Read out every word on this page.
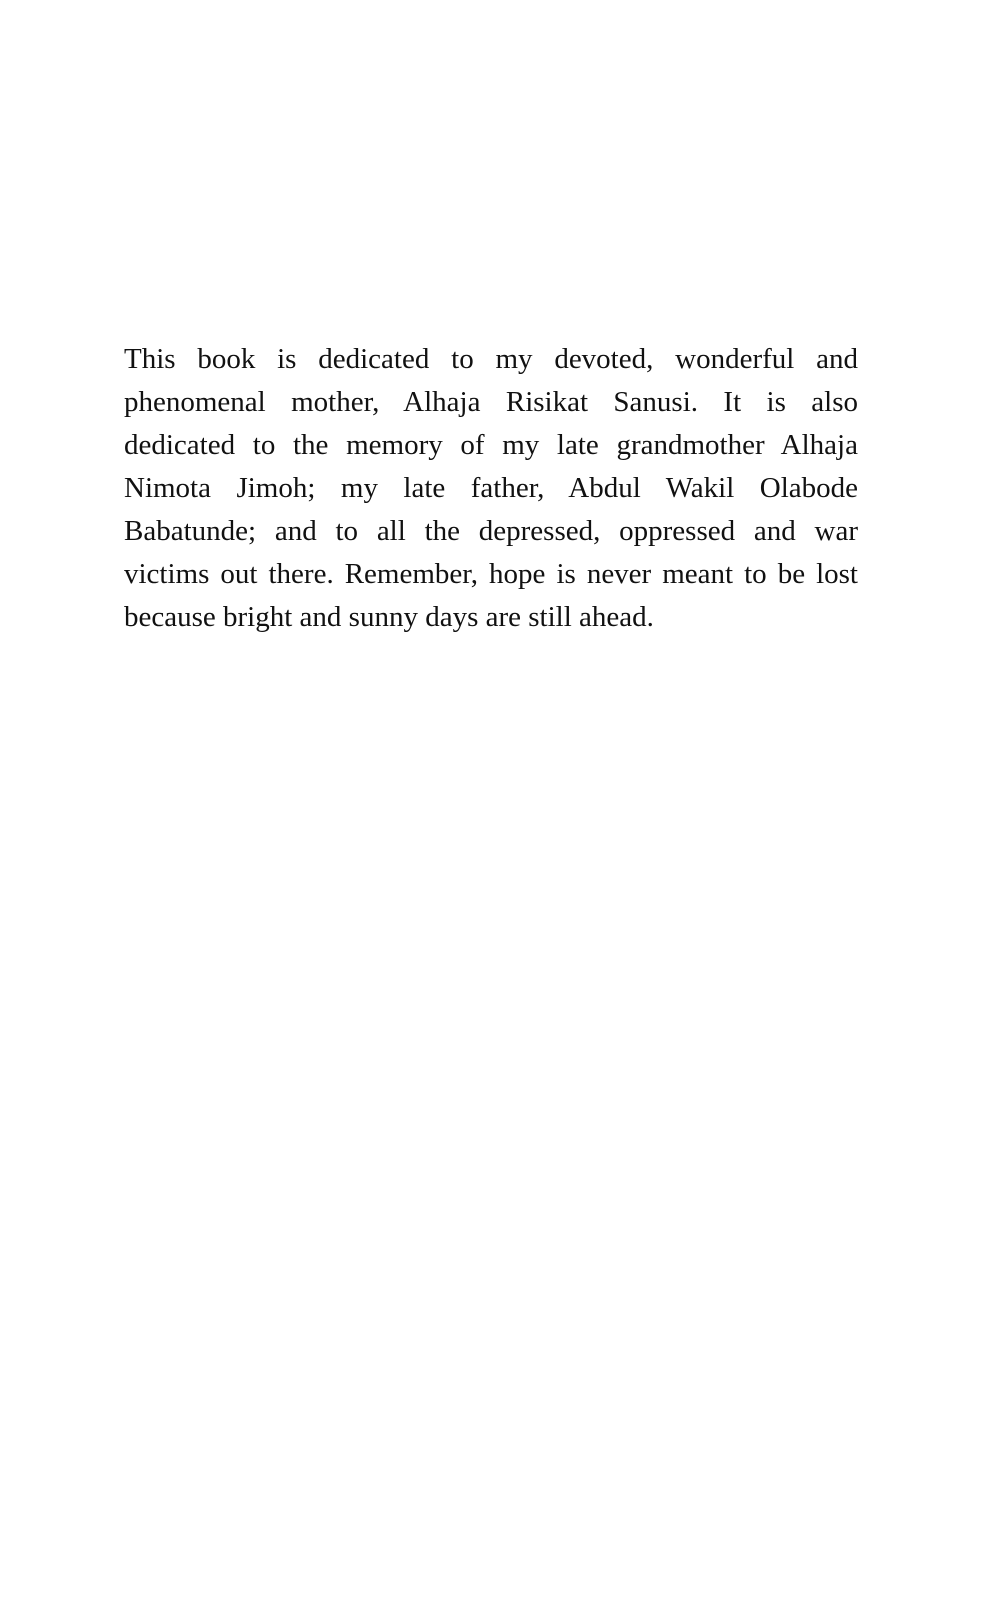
This book is dedicated to my devoted, wonderful and
phenomenal mother, Alhaja Risikat Sanusi. It is also
dedicated to the memory of my late grandmother Alhaja
Nimota Jimoh; my late father, Abdul Wakil Olabode
Babatunde; and to all the depressed, oppressed and war
victims out there. Remember, hope is never meant to be lost
because bright and sunny days are still ahead.
